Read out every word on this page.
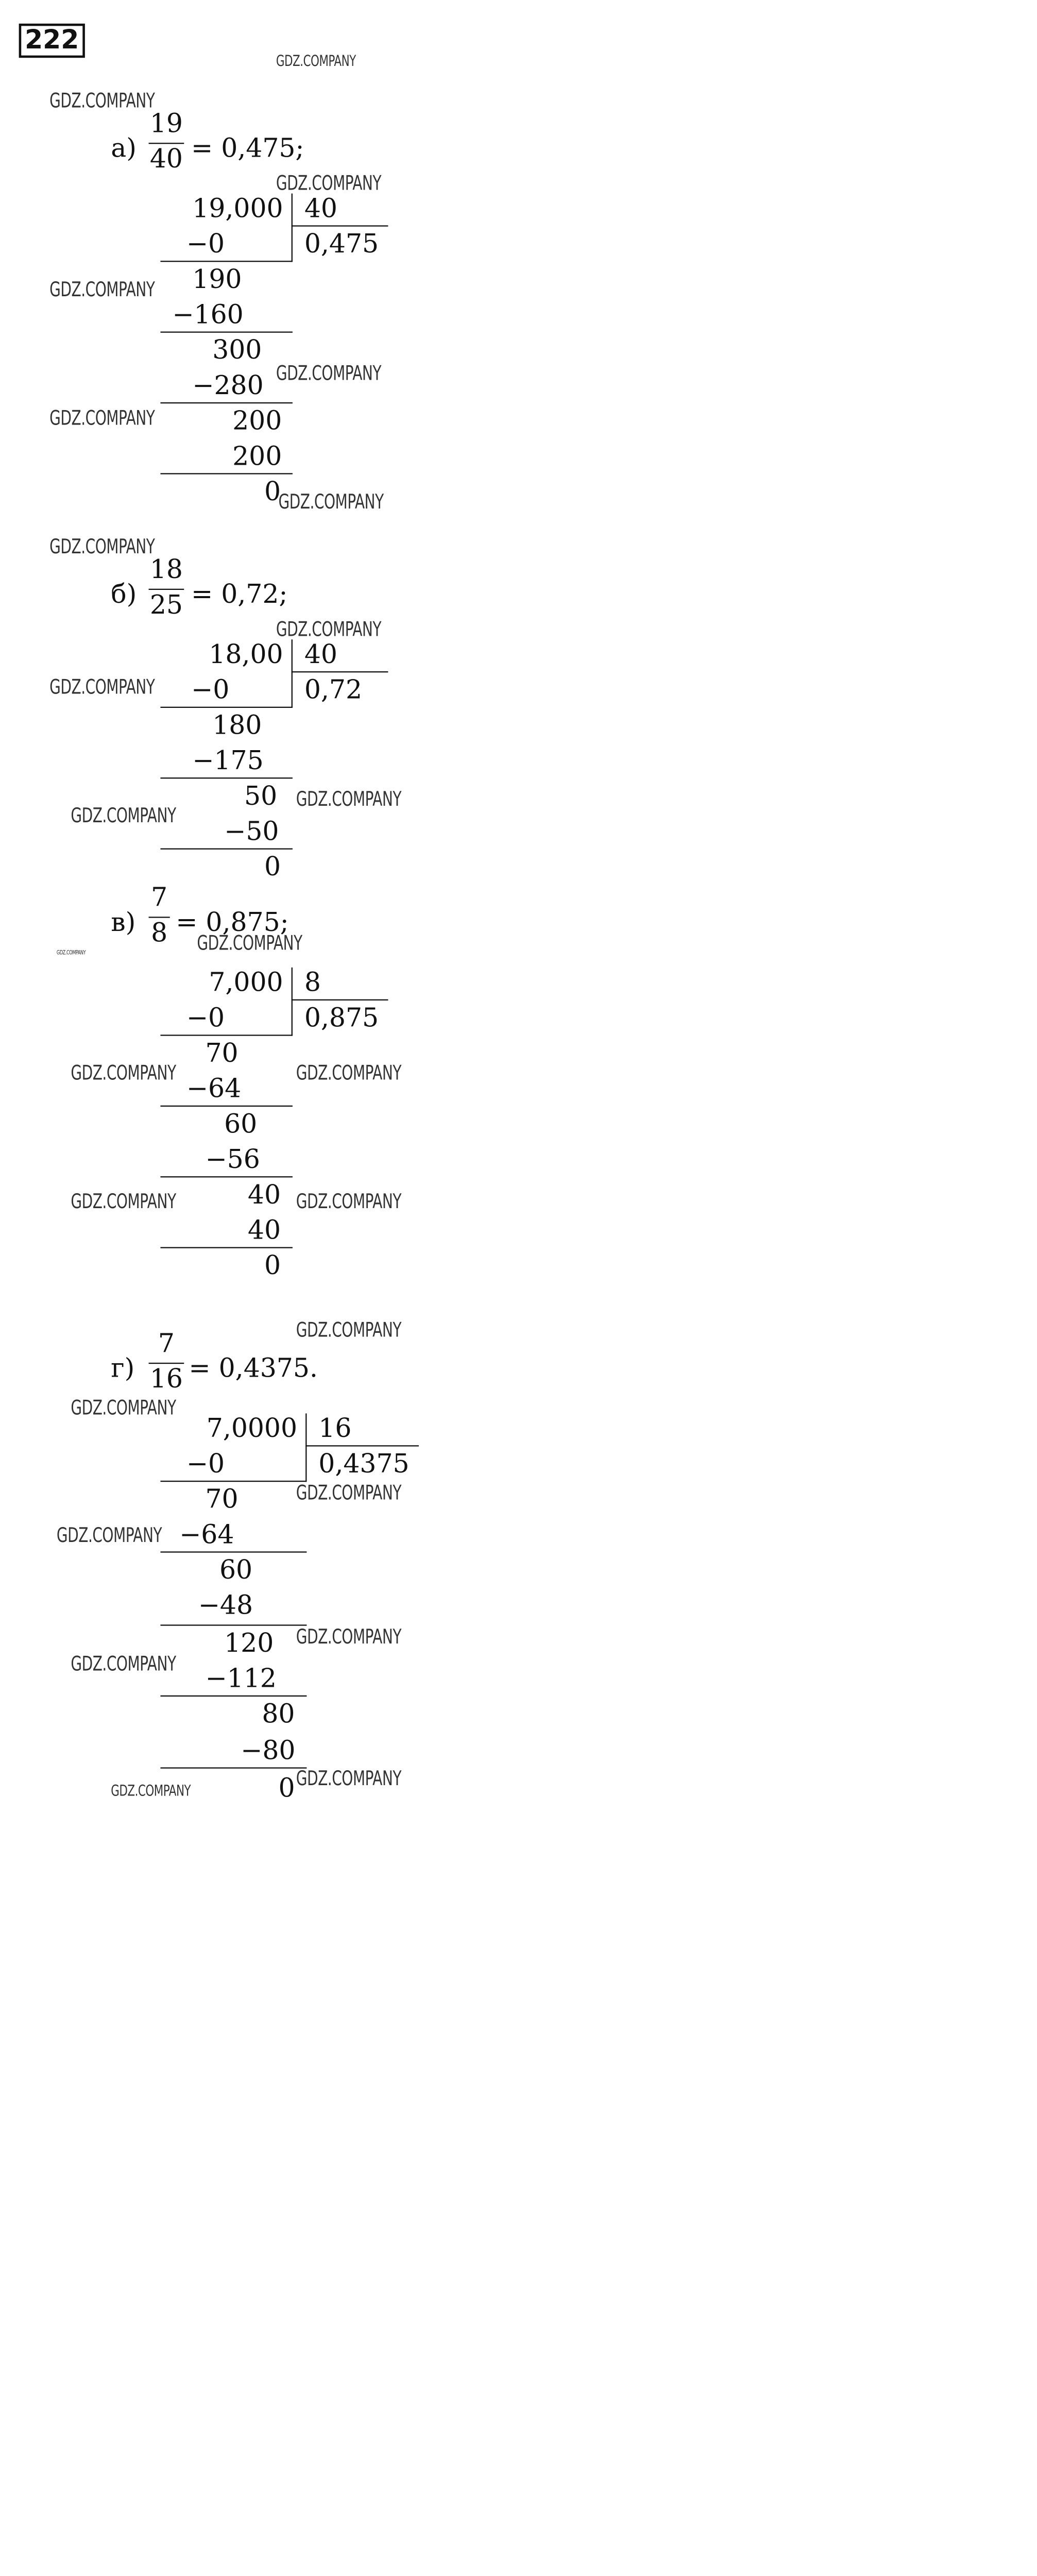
222
GDZ.COMPANY
GDZ.COMPANY
GDZ.COMPANY
GDZ.COMPANY
GDZ.COMPANY
GDZ.COMPANY
GDZ.COMPANY
GDZ.COMPANY
GDZ.COMPANY
GDZ.COMPANY
GDZ.COMPANY
GDZ.COMPANY
GDZ.COMPANY
GDZ.COMPANY
GDZ.COMPANY	GDZ.COMPANY
GDZ.COMPANY	GDZ.COMPANY
GDZ.COMPANY
GDZ.COMPANY
GDZ.COMPANY
GDZ.COMPANY
GDZ.COMPANY
GDZ.COMPANY
GDZ.COMPANY
GDZ.COMPANY
а)
19
40 = 0,475;
19,000 40
0,475
−0
190
−160
300
−280
200
200
0
б)
18
25 = 0,72;
18,00 40
0,72
−0
180
−175
50
−50
0
в)
7
8 = 0,875;
7,000 8
0,875
−0
70
−64
60
−56
40
40
0
г)
7
16 = 0,4375.
7,0000 16
0,4375
−0
70
−64
60
−48
120
−112
80
−80
0
